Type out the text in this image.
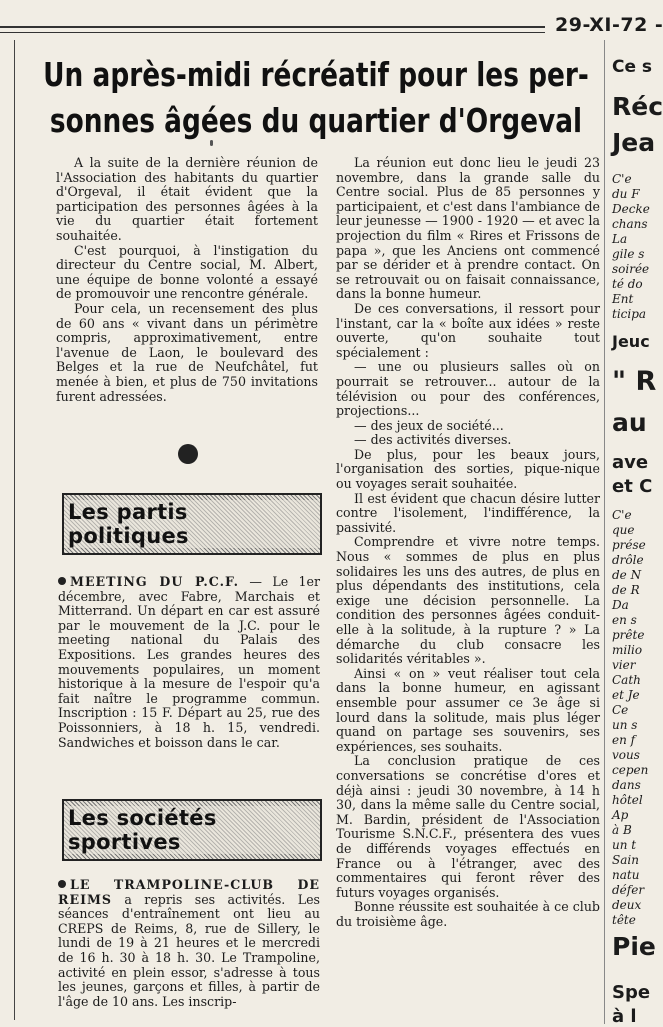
29-XI-72 -
Un après-midi récréatif pour les per-
sonnes âgées du quartier d'Orgeval

A la suite de la dernière réunion de l'Association des habitants du quartier d'Orgeval, il était évident que la participation des personnes âgées à la vie du quartier était fortement souhaitée.

C'est pourquoi, à l'instigation du directeur du Centre social, M. Albert, une équipe de bonne volonté a essayé de promouvoir une rencontre générale.

Pour cela, un recensement des plus de 60 ans « vivant dans un périmètre compris, approximativement, entre l'avenue de Laon, le boulevard des Belges et la rue de Neufchâtel, fut menée à bien, et plus de 750 invitations furent adressées.

La réunion eut donc lieu le jeudi 23 novembre, dans la grande salle du Centre social. Plus de 85 personnes y participaient, et c'est dans l'ambiance de leur jeunesse — 1900 - 1920 — et avec la projection du film « Rires et Frissons de papa », que les Anciens ont commencé par se dérider et à prendre contact. On se retrouvait ou on faisait connaissance, dans la bonne humeur.

De ces conversations, il ressort pour l'instant, car la « boîte aux idées » reste ouverte, qu'on souhaite tout spécialement :

— une ou plusieurs salles où on pourrait se retrouver... autour de la télévision ou pour des conférences, projections...

— des jeux de société...

— des activités diverses.

De plus, pour les beaux jours, l'organisation des sorties, pique-nique ou voyages serait souhaitée.

Il est évident que chacun désire lutter contre l'isolement, l'indifférence, la passivité.

Comprendre et vivre notre temps. Nous « sommes de plus en plus solidaires les uns des autres, de plus en plus dépendants des institutions, cela exige une décision personnelle. La condition des personnes âgées conduit-elle à la solitude, à la rupture ? » La démarche du club consacre les solidarités véritables ».

Ainsi « on » veut réaliser tout cela dans la bonne humeur, en agissant ensemble pour assumer ce 3e âge si lourd dans la solitude, mais plus léger quand on partage ses souvenirs, ses expériences, ses souhaits.

La conclusion pratique de ces conversations se concrétise d'ores et déjà ainsi : jeudi 30 novembre, à 14 h 30, dans la même salle du Centre social, M. Bardin, président de l'Association Tourisme S.N.C.F., présentera des vues de différends voyages effectués en France ou à l'étranger, avec des commentaires qui feront rêver des futurs voyages organisés.

Bonne réussite est souhaitée à ce club du troisième âge.

Les partis politiques

MEETING DU P.C.F. — Le 1er décembre, avec Fabre, Marchais et Mitterrand. Un départ en car est assuré par le mouvement de la J.C. pour le meeting national du Palais des Expositions. Les grandes heures des mouvements populaires, un moment historique à la mesure de l'espoir qu'a fait naître le programme commun. Inscription : 15 F. Départ au 25, rue des Poissonniers, à 18 h. 15, vendredi. Sandwiches et boisson dans le car.

Les sociétés sportives

LE TRAMPOLINE-CLUB DE REIMS a repris ses activités. Les séances d'entraînement ont lieu au CREPS de Reims, 8, rue de Sillery, le lundi de 19 à 21 heures et le mercredi de 16 h. 30 à 18 h. 30. Le Trampoline, activité en plein essor, s'adresse à tous les jeunes, garçons et filles, à partir de l'âge de 10 ans. Les inscrip-

Ce s
Réc
Jea
C'e
du F
Decke
chans
La
gile s
soirée
té do
Ent
ticipa
Jeuc
" R
au
ave
et C
C'e
que
prése
drôle
de N
de R
Da
en s
prête
milio
vier
Cath
et Je
Ce
un s
en f
vous
cepen
dans
hôtel
Ap
à B
un t
Sain
natu
défer
deux
tête
Pie
Spe
à l
